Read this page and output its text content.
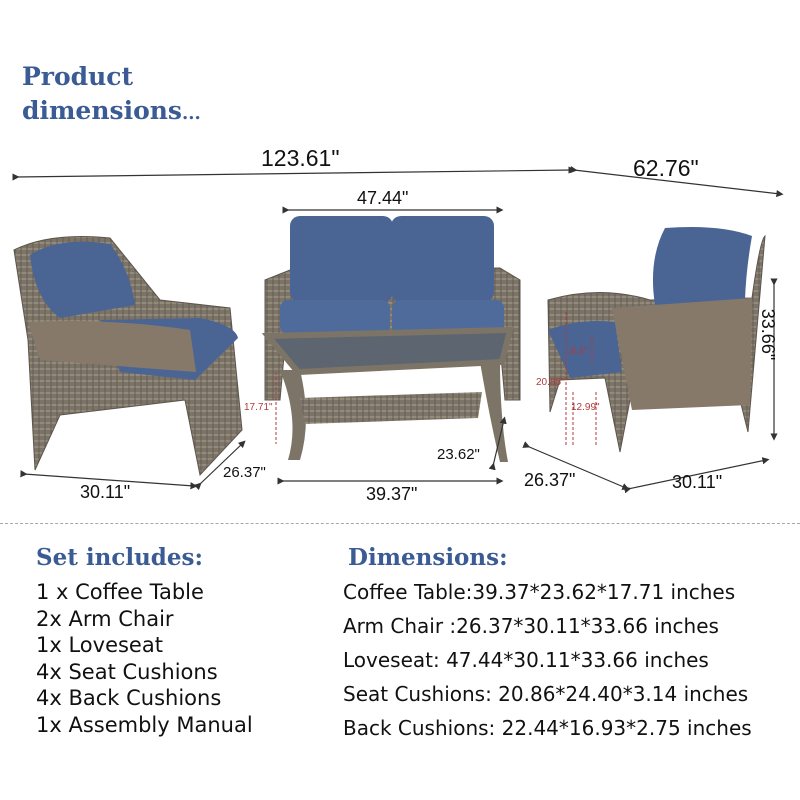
Product
dimensions...
123.61"	62.76"
47.44"
33.66"
30.11"
26.37"
39.37"
23.62"
26.37"	30.11"
17.71"
20.85"
12.99"
8.4"
Set includes:
1 x Coffee Table
2x Arm Chair
1x Loveseat
4x Seat Cushions
4x Back Cushions
1x Assembly Manual
Dimensions:
Coffee Table:39.37*23.62*17.71 inches
Arm Chair :26.37*30.11*33.66 inches
Loveseat: 47.44*30.11*33.66 inches
Seat Cushions: 20.86*24.40*3.14 inches
Back Cushions: 22.44*16.93*2.75 inches
